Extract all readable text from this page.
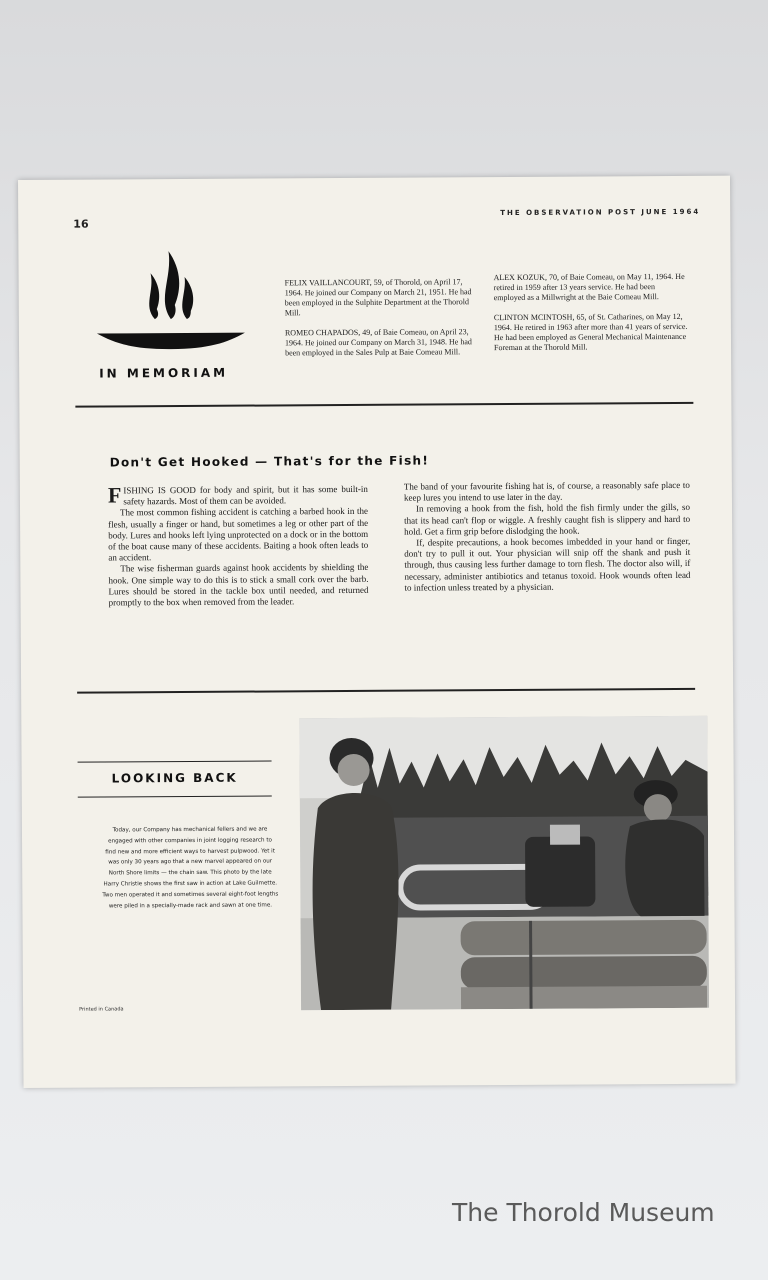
16
THE OBSERVATION POST JUNE 1964
IN MEMORIAM

FELIX VAILLANCOURT, 59, of Thorold, on April 17, 1964. He joined our Company on March 21, 1951. He had been employed in the Sulphite Department at the Thorold Mill.

ROMEO CHAPADOS, 49, of Baie Comeau, on April 23, 1964. He joined our Company on March 31, 1948. He had been employed in the Sales Pulp at Baie Comeau Mill.

ALEX KOZUK, 70, of Baie Comeau, on May 11, 1964. He retired in 1959 after 13 years service. He had been employed as a Millwright at the Baie Comeau Mill.

CLINTON MCINTOSH, 65, of St. Catharines, on May 12, 1964. He retired in 1963 after more than 41 years of service. He had been employed as General Mechanical Maintenance Foreman at the Thorold Mill.

Don't Get Hooked — That's for the Fish!

FISHING IS GOOD for body and spirit, but it has some built-in safety hazards. Most of them can be avoided.

The most common fishing accident is catching a barbed hook in the flesh, usually a finger or hand, but sometimes a leg or other part of the body. Lures and hooks left lying unprotected on a dock or in the bottom of the boat cause many of these accidents. Baiting a hook often leads to an accident.

The wise fisherman guards against hook accidents by shielding the hook. One simple way to do this is to stick a small cork over the barb. Lures should be stored in the tackle box until needed, and returned promptly to the box when removed from the leader.

The band of your favourite fishing hat is, of course, a reasonably safe place to keep lures you intend to use later in the day.

In removing a hook from the fish, hold the fish firmly under the gills, so that its head can't flop or wiggle. A freshly caught fish is slippery and hard to hold. Get a firm grip before dislodging the hook.

If, despite precautions, a hook becomes imbedded in your hand or finger, don't try to pull it out. Your physician will snip off the shank and push it through, thus causing less further damage to torn flesh. The doctor also will, if necessary, administer antibiotics and tetanus toxoid. Hook wounds often lead to infection unless treated by a physician.

LOOKING BACK
Today, our Company has mechanical fellers and we are engaged with other companies in joint logging research to find new and more efficient ways to harvest pulpwood. Yet it was only 30 years ago that a new marvel appeared on our North Shore limits — the chain saw. This photo by the late Harry Christie shows the first saw in action at Lake Guilmette. Two men operated it and sometimes several eight-foot lengths were piled in a specially-made rack and sawn at one time.
Printed in Canada
The Thorold Museum
